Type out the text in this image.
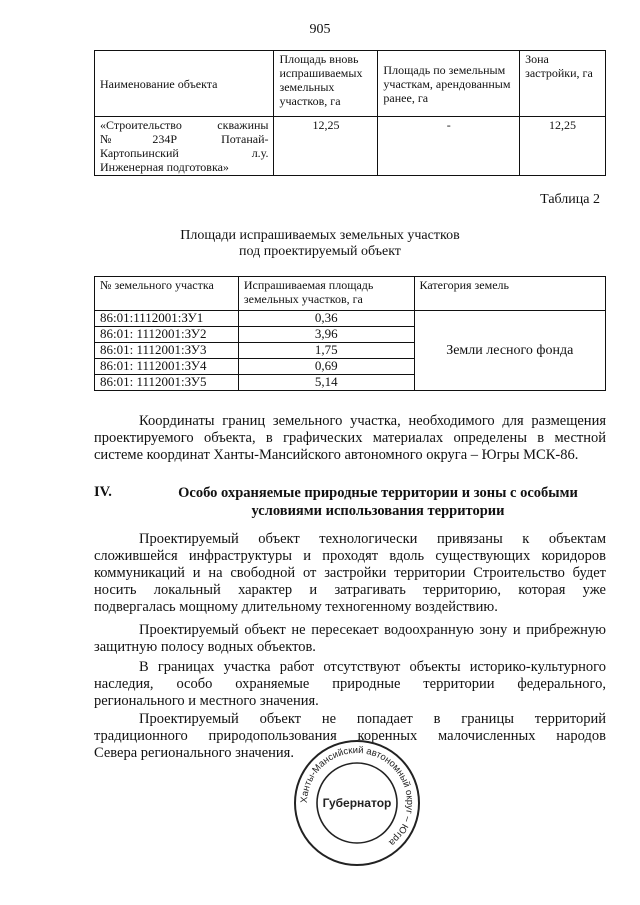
905
Наименование объекта	Площадь вновь испрашиваемых земельных участков, га	Площадь по земельным участкам, арендованным ранее, га	Зона застройки, га

«Строительство скважины
№234Р Потанай-
Картопьинский л.у.
Инженерная подготовка»	12,25	-	12,25
Таблица 2
Площади испрашиваемых земельных участков
под проектируемый объект
№ земельного участка	Испрашиваемая площадь земельных участков, га	Категория земель
86:01:1112001:ЗУ1	0,36	Земли лесного фонда
86:01: 1112001:ЗУ2	3,96	
86:01: 1112001:ЗУ3	1,75	
86:01: 1112001:ЗУ4	0,69	
86:01: 1112001:ЗУ5	5,14	
Координаты границ земельного участка, необходимого для размещения
проектируемого объекта, в графических материалах определены в местной
системе координат Ханты-Мансийского автономного округа – Югры МСК-86.
IV.	Особо охраняемые природные территории и зоны с особыми
условиями использования территории
Проектируемый объект технологически привязаны к объектам
сложившейся инфраструктуры и проходят вдоль существующих коридоров
коммуникаций и на свободной от застройки территории Строительство будет
носить локальный характер и затрагивать территорию, которая уже
подвергалась мощному длительному техногенному воздействию.
Проектируемый объект не пересекает водоохранную зону и прибрежную
защитную полосу водных объектов.
В границах участка работ отсутствуют объекты историко-культурного
наследия, особо охраняемые природные территории федерального,
регионального и местного значения.
Проектируемый объект не попадает в границы территорий
традиционного природопользования коренных малочисленных народов
Севера регионального значения.
Ханты-Мансийский автономный округ – Югра
Губернатор
